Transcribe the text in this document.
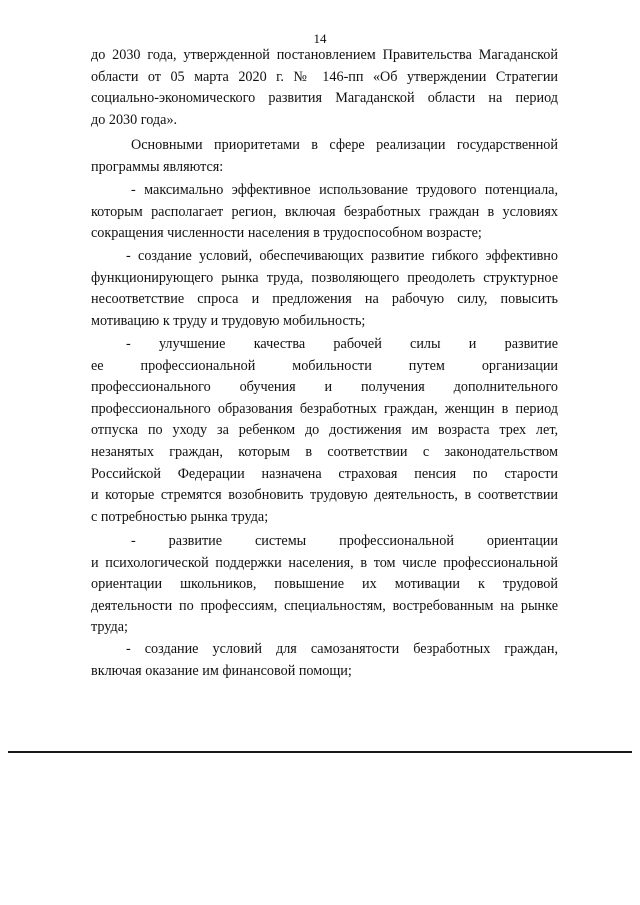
14
до 2030 года, утвержденной постановлением Правительства Магаданской
области от 05 марта 2020 г. № 146-пп «Об утверждении Стратегии
социально-экономического развития Магаданской области на период
до 2030 года».
Основными приоритетами в сфере реализации государственной
программы являются:
- максимально эффективное использование трудового потенциала,
которым располагает регион, включая безработных граждан в условиях
сокращения численности населения в трудоспособном возрасте;
- создание условий, обеспечивающих развитие гибкого эффективно
функционирующего рынка труда, позволяющего преодолеть структурное
несоответствие спроса и предложения на рабочую силу, повысить
мотивацию к труду и трудовую мобильность;
- улучшение качества рабочей силы и развитие
ее профессиональной мобильности путем организации
профессионального обучения и получения дополнительного
профессионального образования безработных граждан, женщин в период
отпуска по уходу за ребенком до достижения им возраста трех лет,
незанятых граждан, которым в соответствии с законодательством
Российской Федерации назначена страховая пенсия по старости
и которые стремятся возобновить трудовую деятельность, в соответствии
с потребностью рынка труда;
- развитие системы профессиональной ориентации
и психологической поддержки населения, в том числе профессиональной
ориентации школьников, повышение их мотивации к трудовой
деятельности по профессиям, специальностям, востребованным на рынке
труда;
- создание условий для самозанятости безработных граждан,
включая оказание им финансовой помощи;
